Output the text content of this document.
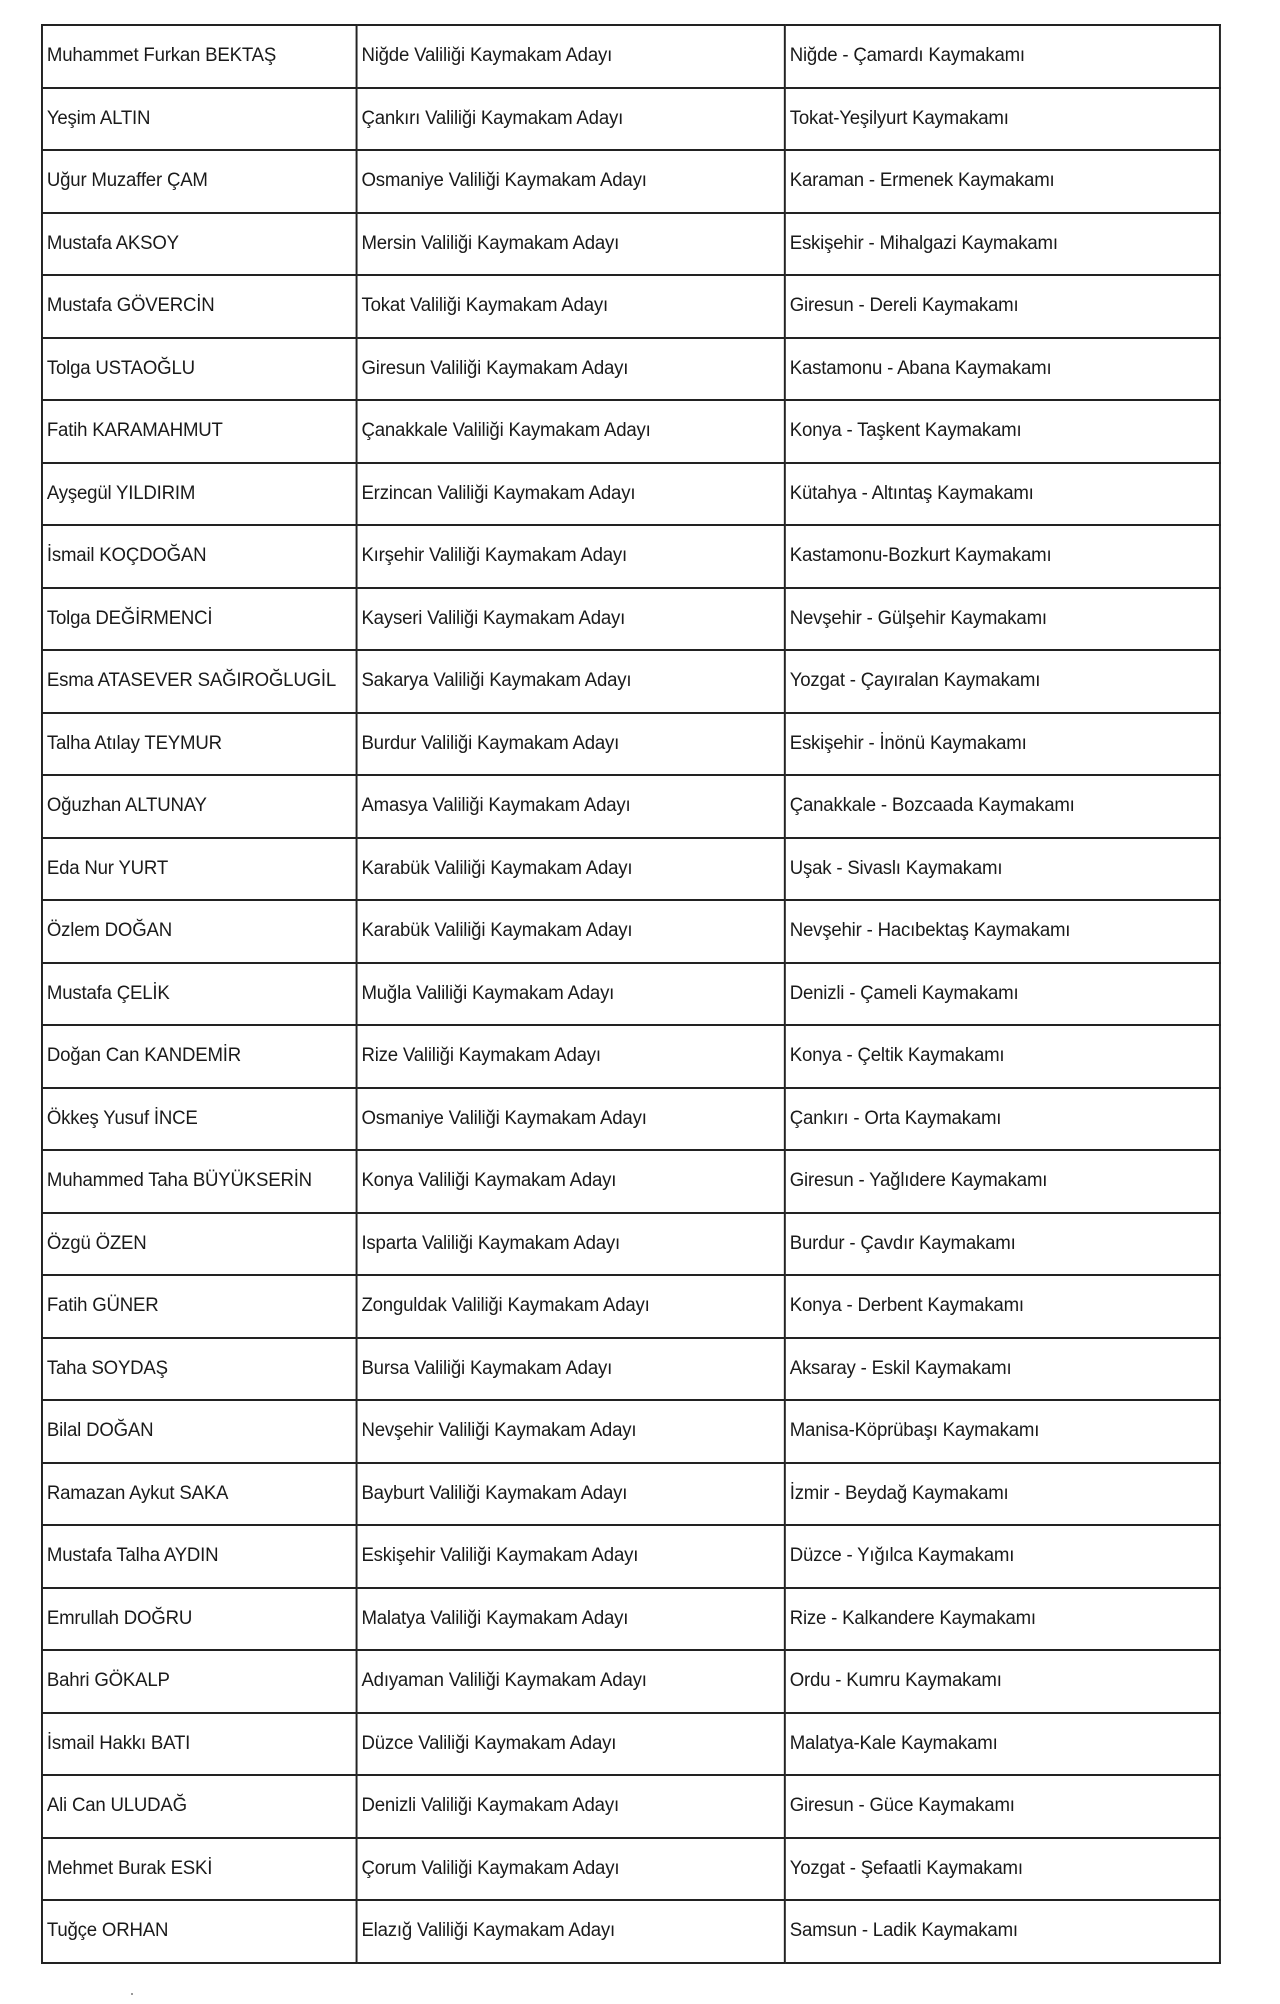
Muhammet Furkan BEKTAŞ	Niğde Valiliği Kaymakam Adayı	Niğde - Çamardı Kaymakamı
Yeşim ALTIN	Çankırı Valiliği Kaymakam Adayı	Tokat-Yeşilyurt Kaymakamı
Uğur Muzaffer ÇAM	Osmaniye Valiliği Kaymakam Adayı	Karaman - Ermenek Kaymakamı
Mustafa AKSOY	Mersin Valiliği Kaymakam Adayı	Eskişehir - Mihalgazi Kaymakamı
Mustafa GÖVERCİN	Tokat Valiliği Kaymakam Adayı	Giresun - Dereli Kaymakamı
Tolga USTAOĞLU	Giresun Valiliği Kaymakam Adayı	Kastamonu - Abana Kaymakamı
Fatih KARAMAHMUT	Çanakkale Valiliği Kaymakam Adayı	Konya - Taşkent Kaymakamı
Ayşegül YILDIRIM	Erzincan Valiliği Kaymakam Adayı	Kütahya - Altıntaş Kaymakamı
İsmail KOÇDOĞAN	Kırşehir Valiliği Kaymakam Adayı	Kastamonu-Bozkurt Kaymakamı
Tolga DEĞİRMENCİ	Kayseri Valiliği Kaymakam Adayı	Nevşehir - Gülşehir Kaymakamı
Esma ATASEVER SAĞIROĞLUGİL	Sakarya Valiliği Kaymakam Adayı	Yozgat - Çayıralan Kaymakamı
Talha Atılay TEYMUR	Burdur Valiliği Kaymakam Adayı	Eskişehir - İnönü Kaymakamı
Oğuzhan ALTUNAY	Amasya Valiliği Kaymakam Adayı	Çanakkale - Bozcaada Kaymakamı
Eda Nur YURT	Karabük Valiliği Kaymakam Adayı	Uşak - Sivaslı Kaymakamı
Özlem DOĞAN	Karabük Valiliği Kaymakam Adayı	Nevşehir - Hacıbektaş Kaymakamı
Mustafa ÇELİK	Muğla Valiliği Kaymakam Adayı	Denizli - Çameli Kaymakamı
Doğan Can KANDEMİR	Rize Valiliği Kaymakam Adayı	Konya - Çeltik Kaymakamı
Ökkeş Yusuf İNCE	Osmaniye Valiliği Kaymakam Adayı	Çankırı - Orta Kaymakamı
Muhammed Taha BÜYÜKSERİN	Konya Valiliği Kaymakam Adayı	Giresun - Yağlıdere Kaymakamı
Özgü ÖZEN	Isparta Valiliği Kaymakam Adayı	Burdur - Çavdır Kaymakamı
Fatih GÜNER	Zonguldak Valiliği Kaymakam Adayı	Konya - Derbent Kaymakamı
Taha SOYDAŞ	Bursa Valiliği Kaymakam Adayı	Aksaray - Eskil Kaymakamı
Bilal DOĞAN	Nevşehir Valiliği Kaymakam Adayı	Manisa-Köprübaşı Kaymakamı
Ramazan Aykut SAKA	Bayburt Valiliği Kaymakam Adayı	İzmir - Beydağ Kaymakamı
Mustafa Talha AYDIN	Eskişehir Valiliği Kaymakam Adayı	Düzce - Yığılca Kaymakamı
Emrullah DOĞRU	Malatya Valiliği Kaymakam Adayı	Rize - Kalkandere Kaymakamı
Bahri GÖKALP	Adıyaman Valiliği Kaymakam Adayı	Ordu - Kumru Kaymakamı
İsmail Hakkı BATI	Düzce Valiliği Kaymakam Adayı	Malatya-Kale Kaymakamı
Ali Can ULUDAĞ	Denizli Valiliği Kaymakam Adayı	Giresun - Güce Kaymakamı
Mehmet Burak ESKİ	Çorum Valiliği Kaymakam Adayı	Yozgat - Şefaatli Kaymakamı
Tuğçe ORHAN	Elazığ Valiliği Kaymakam Adayı	Samsun - Ladik Kaymakamı
